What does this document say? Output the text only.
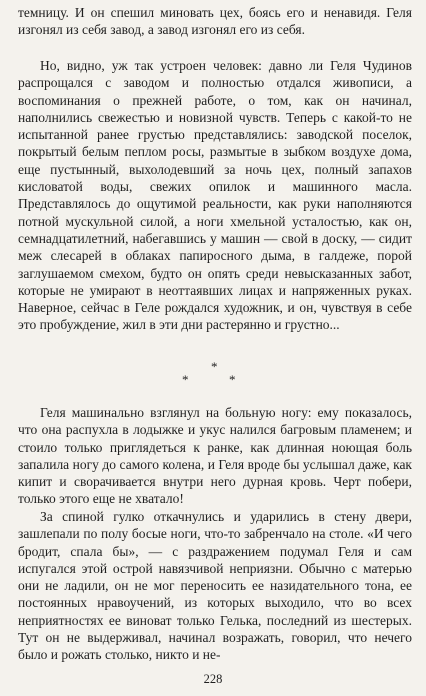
темницу. И он спешил миновать цех, боясь его и ненавидя. Геля изгонял из себя завод, а завод изгонял его из себя.

Но, видно, уж так устроен человек: давно ли Геля Чудинов распрощался с заводом и полностью отдался живописи, а воспоминания о прежней работе, о том, как он начинал, наполнились свежестью и новизной чувств. Теперь с какой-то не испытанной ранее грустью представлялись: заводской поселок, покрытый белым пеплом росы, размытые в зыбком воздухе дома, еще пустынный, выхолодевший за ночь цех, полный запахов кисловатой воды, свежих опилок и машинного масла. Представлялось до ощутимой реальности, как руки наполняются потной мускульной силой, а ноги хмельной усталостью, как он, семнадцатилетний, набегавшись у машин — свой в доску, — сидит меж слесарей в облаках папиросного дыма, в галдеже, порой заглушаемом смехом, будто он опять среди невысказанных забот, которые не умирают в неоттаявших лицах и напряженных руках. Наверное, сейчас в Геле рождался художник, и он, чувствуя в себе это пробуждение, жил в эти дни растерянно и грустно...

*
*	*

Геля машинально взглянул на больную ногу: ему показалось, что она распухла в лодыжке и укус налился багровым пламенем; и стоило только приглядеться к ранке, как длинная ноющая боль запалила ногу до самого колена, и Геля вроде бы услышал даже, как кипит и сворачивается внутри него дурная кровь. Черт побери, только этого еще не хватало!

За спиной гулко откачнулись и ударились в стену двери, зашлепали по полу босые ноги, что-то забренчало на столе. «И чего бродит, спала бы», — с раздражением подумал Геля и сам испугался этой острой навязчивой неприязни. Обычно с матерью они не ладили, он не мог переносить ее назидательного тона, ее постоянных нравоучений, из которых выходило, что во всех неприятностях ее виноват только Гелька, последний из шестерых. Тут он не выдерживал, начинал возражать, говорил, что нечего было и рожать столько, никто и не-

228
